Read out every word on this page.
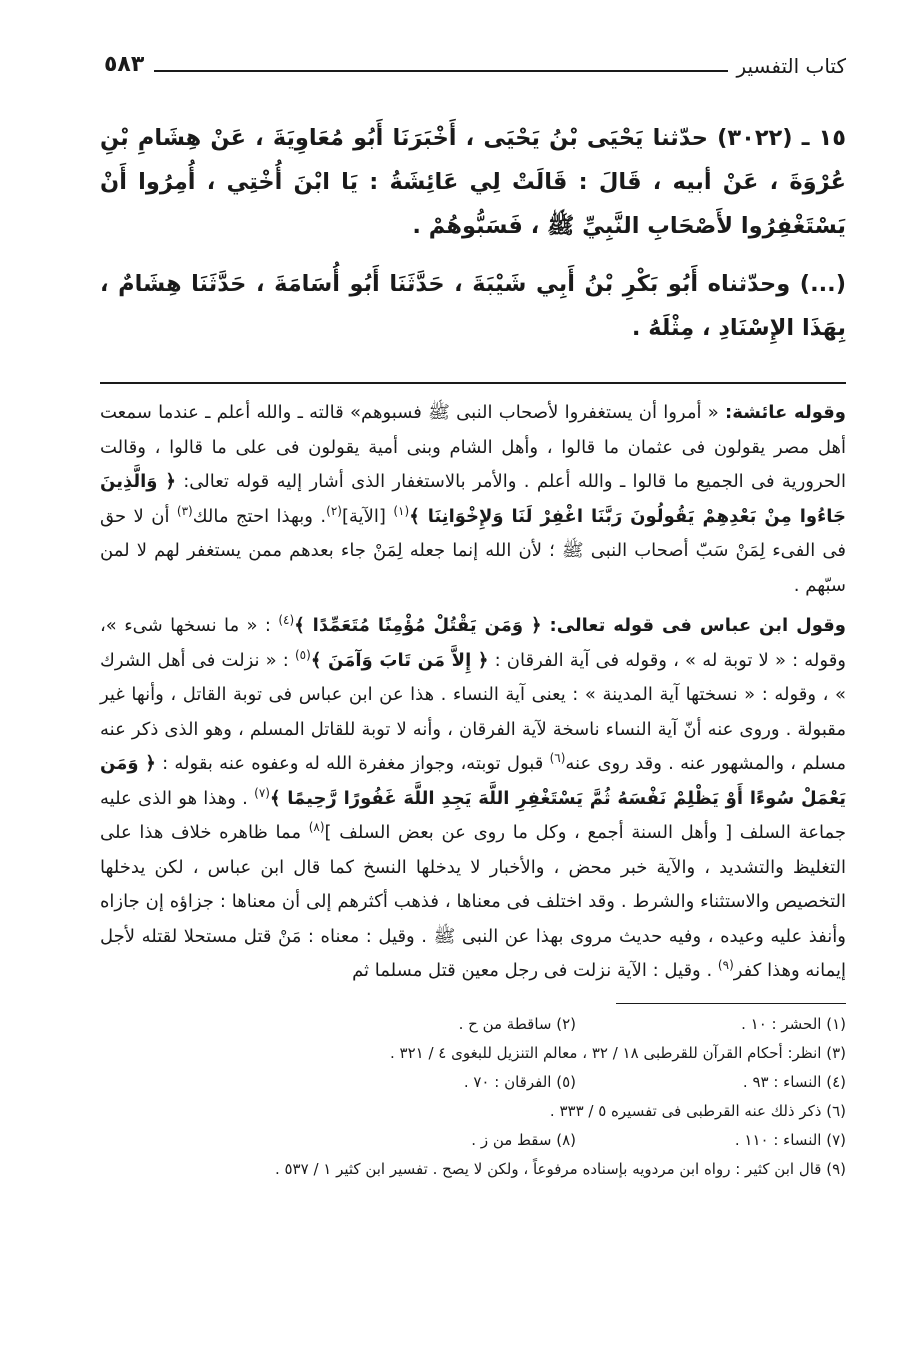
كتاب التفسير
٥٨٣

١٥ ـ (٣٠٢٢) حدّثنا يَحْيَى بْنُ يَحْيَى ، أَخْبَرَنَا أَبُو مُعَاوِيَةَ ، عَنْ هِشَامِ بْنِ عُرْوَةَ ، عَنْ أبيه ، قَالَ : قَالَتْ لِي عَائِشَةُ : يَا ابْنَ أُخْتِي ، أُمِرُوا أَنْ يَسْتَغْفِرُوا لأَصْحَابِ النَّبِيِّ ﷺ ، فَسَبُّوهُمْ .

(...) وحدّثناه أَبُو بَكْرِ بْنُ أَبِي شَيْبَةَ ، حَدَّثَنَا أَبُو أُسَامَةَ ، حَدَّثَنَا هِشَامٌ ، بِهَذَا الإِسْنَادِ ، مِثْلَهُ .

وقوله عائشة: « أمروا أن يستغفروا لأصحاب النبى ﷺ فسبوهم» قالته ـ والله أعلم ـ عندما سمعت أهل مصر يقولون فى عثمان ما قالوا ، وأهل الشام وبنى أمية يقولون فى على ما قالوا ، وقالت الحرورية فى الجميع ما قالوا ـ والله أعلم . والأمر بالاستغفار الذى أشار إليه قوله تعالى: ﴿ وَالَّذِينَ جَاءُوا مِنْ بَعْدِهِمْ يَقُولُونَ رَبَّنَا اغْفِرْ لَنَا وَلإِخْوَانِنَا ﴾$^{(١)}$ [الآية]$^{(٢)}$. وبهذا احتج مالك$^{(٣)}$ أن لا حق فى الفىء لِمَنْ سَبّ أصحاب النبى ﷺ ؛ لأن الله إنما جعله لِمَنْ جاء بعدهم ممن يستغفر لهم لا لمن سبّهم .

وقول ابن عباس فى قوله تعالى: ﴿ وَمَن يَقْتُلْ مُؤْمِنًا مُتَعَمِّدًا ﴾$^{(٤)}$ : « ما نسخها شىء »، وقوله : « لا توبة له » ، وقوله فى آية الفرقان : ﴿ إِلاَّ مَن تَابَ وَآمَنَ ﴾$^{(٥)}$ : « نزلت فى أهل الشرك » ، وقوله : « نسختها آية المدينة » : يعنى آية النساء . هذا عن ابن عباس فى توبة القاتل ، وأنها غير مقبولة . وروى عنه أنّ آية النساء ناسخة لآية الفرقان ، وأنه لا توبة للقاتل المسلم ، وهو الذى ذكر عنه مسلم ، والمشهور عنه . وقد روى عنه$^{(٦)}$ قبول توبته، وجواز مغفرة الله له وعفوه عنه بقوله : ﴿ وَمَن يَعْمَلْ سُوءًا أَوْ يَظْلِمْ نَفْسَهُ ثُمَّ يَسْتَغْفِرِ اللَّهَ يَجِدِ اللَّهَ غَفُورًا رَّحِيمًا ﴾$^{(٧)}$ . وهذا هو الذى عليه جماعة السلف [ وأهل السنة أجمع ، وكل ما روى عن بعض السلف ]$^{(٨)}$ مما ظاهره خلاف هذا على التغليظ والتشديد ، والآية خبر محض ، والأخبار لا يدخلها النسخ كما قال ابن عباس ، لكن يدخلها التخصيص والاستثناء والشرط . وقد اختلف فى معناها ، فذهب أكثرهم إلى أن معناها : جزاؤه إن جازاه وأنفذ عليه وعيده ، وفيه حديث مروى بهذا عن النبى ﷺ . وقيل : معناه : مَنْ قتل مستحلا لقتله لأجل إيمانه وهذا كفر$^{(٩)}$ . وقيل : الآية نزلت فى رجل معين قتل مسلما ثم

(١) الحشر : ١٠ .
(٢) ساقطة من ح .
(٣) انظر: أحكام القرآن للقرطبى ١٨ / ٣٢ ، معالم التنزيل للبغوى ٤ / ٣٢١ .
(٤) النساء : ٩٣ .
(٥) الفرقان : ٧٠ .
(٦) ذكر ذلك عنه القرطبى فى تفسيره ٥ / ٣٣٣ .
(٧) النساء : ١١٠ .
(٨) سقط من ز .
(٩) قال ابن كثير : رواه ابن مردويه بإسناده مرفوعاً ، ولكن لا يصح . تفسير ابن كثير ١ / ٥٣٧ .
